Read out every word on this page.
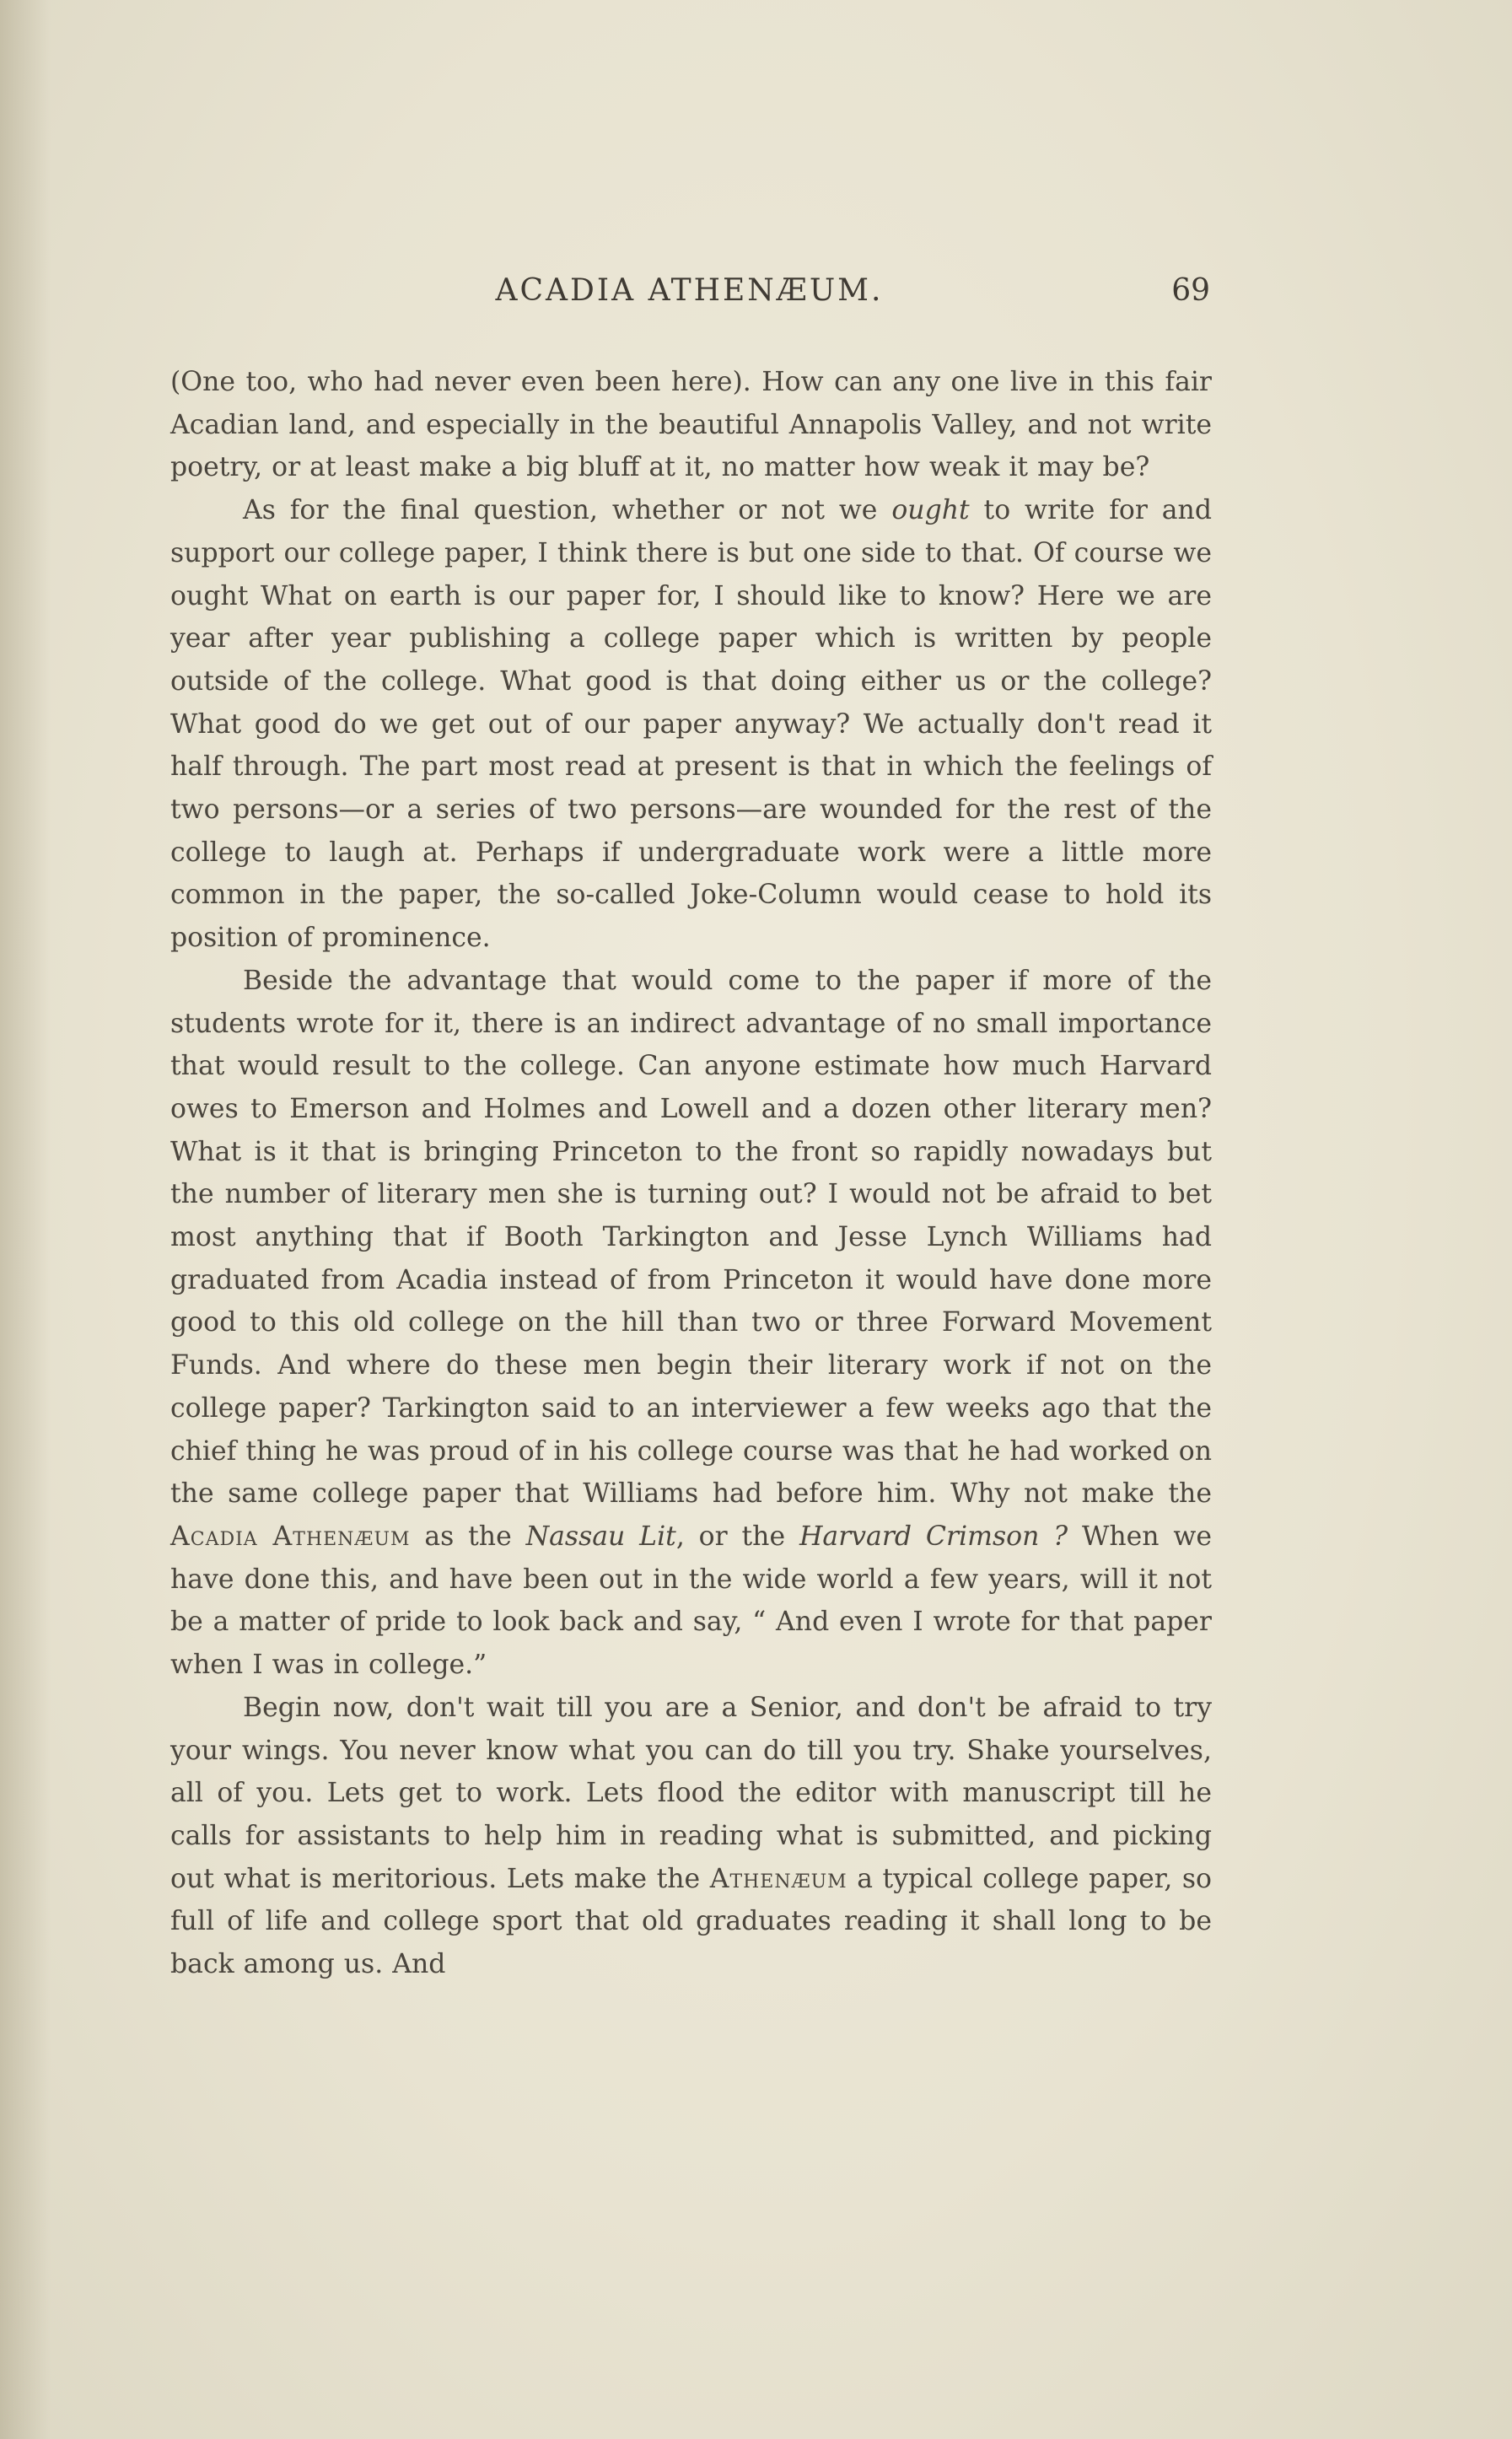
ACADIA ATHENÆUM.	69

(One too, who had never even been here). How can any one live in this fair Acadian land, and especially in the beautiful Annapolis Valley, and not write poetry, or at least make a big bluff at it, no matter how weak it may be?

As for the final question, whether or not we ought to write for and support our college paper, I think there is but one side to that. Of course we ought What on earth is our paper for, I should like to know? Here we are year after year publishing a college paper which is written by people outside of the college. What good is that doing either us or the college? What good do we get out of our paper anyway? We actually don't read it half through. The part most read at present is that in which the feelings of two persons—or a series of two persons—are wounded for the rest of the college to laugh at. Perhaps if undergraduate work were a little more common in the paper, the so-called Joke-Column would cease to hold its position of prominence.

Beside the advantage that would come to the paper if more of the students wrote for it, there is an indirect advantage of no small importance that would result to the college. Can anyone estimate how much Harvard owes to Emerson and Holmes and Lowell and a dozen other literary men? What is it that is bringing Princeton to the front so rapidly nowadays but the number of literary men she is turning out? I would not be afraid to bet most anything that if Booth Tarkington and Jesse Lynch Williams had graduated from Acadia instead of from Princeton it would have done more good to this old college on the hill than two or three Forward Movement Funds. And where do these men begin their literary work if not on the college paper? Tarkington said to an interviewer a few weeks ago that the chief thing he was proud of in his college course was that he had worked on the same college paper that Williams had before him. Why not make the Acadia Athenæum as the Nassau Lit, or the Harvard Crimson ? When we have done this, and have been out in the wide world a few years, will it not be a matter of pride to look back and say, “ And even I wrote for that paper when I was in college.”

Begin now, don't wait till you are a Senior, and don't be afraid to try your wings. You never know what you can do till you try. Shake yourselves, all of you. Lets get to work. Lets flood the editor with manuscript till he calls for assistants to help him in reading what is submitted, and picking out what is meritorious. Lets make the Athenæum a typical college paper, so full of life and college sport that old graduates reading it shall long to be back among us. And
